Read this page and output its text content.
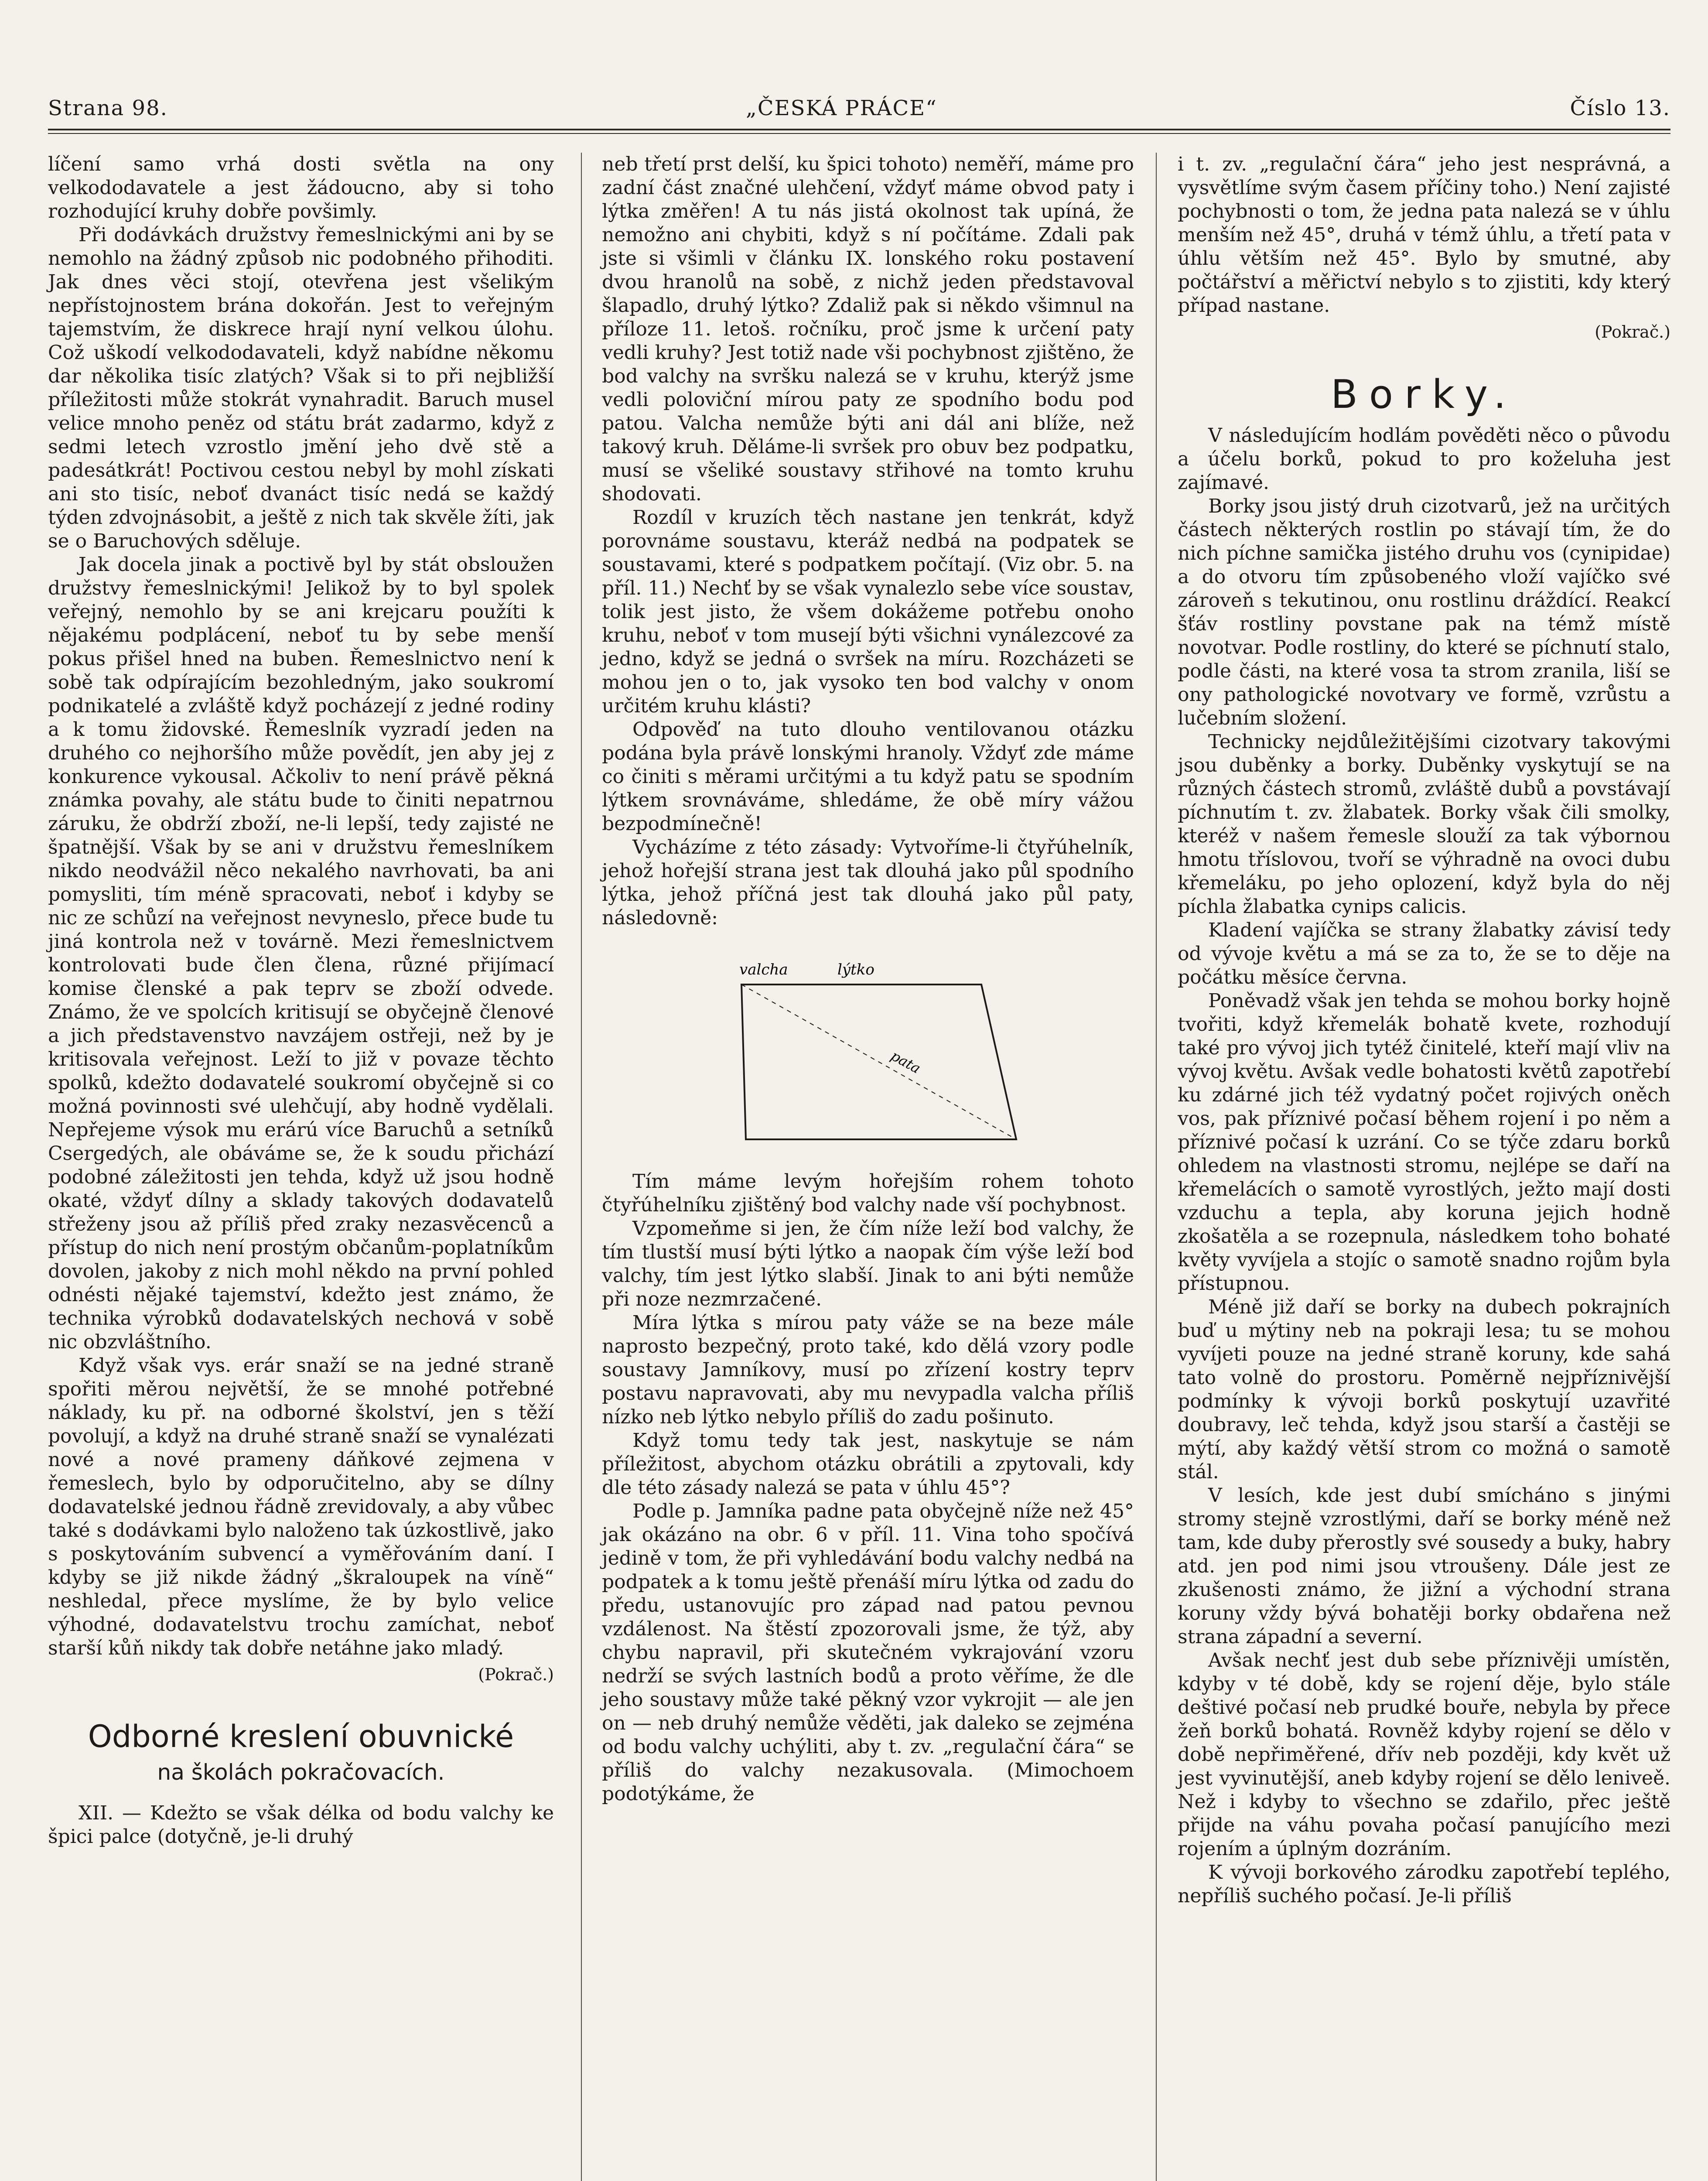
Strana 98.	„ČESKÁ PRÁCE“	Číslo 13.

líčení samo vrhá dosti světla na ony velkododavatele a jest žádoucno, aby si toho rozhodující kruhy dobře povšimly.

Při dodávkách družstvy řemeslnickými ani by se nemohlo na žádný způsob nic podobného přihoditi. Jak dnes věci stojí, otevřena jest všelikým nepřístojnostem brána dokořán. Jest to veřejným tajemstvím, že diskrece hrají nyní velkou úlohu. Což uškodí velkododavateli, když nabídne někomu dar několika tisíc zlatých? Však si to při nejbližší příležitosti může stokrát vynahradit. Baruch musel velice mnoho peněz od státu brát zadarmo, když z sedmi letech vzrostlo jmění jeho dvě stě a padesátkrát! Poctivou cestou nebyl by mohl získati ani sto tisíc, neboť dvanáct tisíc nedá se každý týden zdvojnásobit, a ještě z nich tak skvěle žíti, jak se o Baruchových sděluje.

Jak docela jinak a poctivě byl by stát obsloužen družstvy řemeslnickými! Jelikož by to byl spolek veřejný, nemohlo by se ani krejcaru použíti k nějakému podplácení, neboť tu by sebe menší pokus přišel hned na buben. Řemeslnictvo není k sobě tak odpírajícím bezohledným, jako soukromí podnikatelé a zvláště když pocházejí z jedné rodiny a k tomu židovské. Řemeslník vyzradí jeden na druhého co nejhoršího může povědít, jen aby jej z konkurence vykousal. Ačkoliv to není právě pěkná známka povahy, ale státu bude to činiti nepatrnou záruku, že obdrží zboží, ne-li lepší, tedy zajisté ne špatnější. Však by se ani v družstvu řemeslníkem nikdo neodvážil něco nekalého navrhovati, ba ani pomysliti, tím méně spracovati, neboť i kdyby se nic ze schůzí na veřejnost nevyneslo, přece bude tu jiná kontrola než v továrně. Mezi řemeslnictvem kontrolovati bude člen člena, různé přijímací komise členské a pak teprv se zboží odvede. Známo, že ve spolcích kritisují se obyčejně členové a jich představenstvo navzájem ostřeji, než by je kritisovala veřejnost. Leží to již v povaze těchto spolků, kdežto dodavatelé soukromí obyčejně si co možná povinnosti své ulehčují, aby hodně vydělali. Nepřejeme výsok mu erárú více Baruchů a setníků Csergedých, ale obáváme se, že k soudu přichází podobné záležitosti jen tehda, když už jsou hodně okaté, vždyť dílny a sklady takových dodavatelů střeženy jsou až příliš před zraky nezasvěcenců a přístup do nich není prostým občanům-poplatníkům dovolen, jakoby z nich mohl někdo na první pohled odnésti nějaké tajemství, kdežto jest známo, že technika výrobků dodavatelských nechová v sobě nic obzvláštního.

Když však vys. erár snaží se na jedné straně spořiti měrou největší, že se mnohé potřebné náklady, ku př. na odborné školství, jen s těží povolují, a když na druhé straně snaží se vynalézati nové a nové prameny dáňkové zejmena v řemeslech, bylo by odporučitelno, aby se dílny dodavatelské jednou řádně zrevidovaly, a aby vůbec také s dodávkami bylo naloženo tak úzkostlivě, jako s poskytováním subvencí a vyměřováním daní. I kdyby se již nikde žádný „škraloupek na víně“ neshledal, přece myslíme, že by bylo velice výhodné, dodavatelstvu trochu zamíchat, neboť starší kůň nikdy tak dobře netáhne jako mladý.

(Pokrač.)
Odborné kreslení obuvnické
na školách pokračovacích.

XII. — Kdežto se však délka od bodu valchy ke špici palce (dotyčně, je-li druhý

neb třetí prst delší, ku špici tohoto) neměří, máme pro zadní část značné ulehčení, vždyť máme obvod paty i lýtka změřen! A tu nás jistá okolnost tak upíná, že nemožno ani chybiti, když s ní počítáme. Zdali pak jste si všimli v článku IX. lonského roku postavení dvou hranolů na sobě, z nichž jeden představoval šlapadlo, druhý lýtko? Zdaliž pak si někdo všimnul na příloze 11. letoš. ročníku, proč jsme k určení paty vedli kruhy? Jest totiž nade vši pochybnost zjištěno, že bod valchy na svršku nalezá se v kruhu, kterýž jsme vedli poloviční mírou paty ze spodního bodu pod patou. Valcha nemůže býti ani dál ani blíže, než takový kruh. Děláme-li svršek pro obuv bez podpatku, musí se všeliké soustavy střihové na tomto kruhu shodovati.

Rozdíl v kruzích těch nastane jen tenkrát, když porovnáme soustavu, kteráž nedbá na podpatek se soustavami, které s podpatkem počítají. (Viz obr. 5. na příl. 11.) Nechť by se však vynalezlo sebe více soustav, tolik jest jisto, že všem dokážeme potřebu onoho kruhu, neboť v tom musejí býti všichni vynálezcové za jedno, když se jedná o svršek na míru. Rozcházeti se mohou jen o to, jak vysoko ten bod valchy v onom určitém kruhu klásti?

Odpověď na tuto dlouho ventilovanou otázku podána byla právě lonskými hranoly. Vždyť zde máme co činiti s měrami určitými a tu když patu se spodním lýtkem srovnáváme, shledáme, že obě míry vážou bezpodmínečně!

Vycházíme z této zásady: Vytvoříme-li čtyřúhelník, jehož hořejší strana jest tak dlouhá jako půl spodního lýtka, jehož příčná jest tak dlouhá jako půl paty, následovně:

valcha	lýtko
pata

Tím máme levým hořejším rohem tohoto čtyřúhelníku zjištěný bod valchy nade vší pochybnost.

Vzpomeňme si jen, že čím níže leží bod valchy, že tím tlustší musí býti lýtko a naopak čím výše leží bod valchy, tím jest lýtko slabší. Jinak to ani býti nemůže při noze nezmrzačené.

Míra lýtka s mírou paty váže se na beze mále naprosto bezpečný, proto také, kdo dělá vzory podle soustavy Jamníkovy, musí po zřízení kostry teprv postavu napravovati, aby mu nevypadla valcha příliš nízko neb lýtko nebylo příliš do zadu pošinuto.

Když tomu tedy tak jest, naskytuje se nám příležitost, abychom otázku obrátili a zpytovali, kdy dle této zásady nalezá se pata v úhlu 45°?

Podle p. Jamníka padne pata obyčejně níže než 45° jak okázáno na obr. 6 v příl. 11. Vina toho spočívá jedině v tom, že při vyhledávání bodu valchy nedbá na podpatek a k tomu ještě přenáší míru lýtka od zadu do předu, ustanovujíc pro západ nad patou pevnou vzdálenost. Na štěstí zpozorovali jsme, že týž, aby chybu napravil, při skutečném vykrajování vzoru nedrží se svých lastních bodů a proto věříme, že dle jeho soustavy může také pěkný vzor vykrojit — ale jen on — neb druhý nemůže věděti, jak daleko se zejména od bodu valchy uchýliti, aby t. zv. „regulační čára“ se příliš do valchy nezakusovala. (Mimochoem podotýkáme, že

i t. zv. „regulační čára“ jeho jest nesprávná, a vysvětlíme svým časem příčiny toho.) Není zajisté pochybnosti o tom, že jedna pata nalezá se v úhlu menším než 45°, druhá v témž úhlu, a třetí pata v úhlu větším než 45°. Bylo by smutné, aby počtářství a měřictví nebylo s to zjistiti, kdy který případ nastane.

(Pokrač.)
Borky.

V následujícím hodlám pověděti něco o původu a účelu borků, pokud to pro koželuha jest zajímavé.

Borky jsou jistý druh cizotvarů, jež na určitých částech některých rostlin po stávají tím, že do nich píchne samička jistého druhu vos (cynipidae) a do otvoru tím způsobeného vloží vajíčko své zároveň s tekutinou, onu rostlinu dráždící. Reakcí šťáv rostliny povstane pak na témž místě novotvar. Podle rostliny, do které se píchnutí stalo, podle části, na které vosa ta strom zranila, liší se ony pathologické novotvary ve formě, vzrůstu a lučebním složení.

Technicky nejdůležitějšími cizotvary takovými jsou duběnky a borky. Duběnky vyskytují se na různých částech stromů, zvláště dubů a povstávají píchnutím t. zv. žlabatek. Borky však čili smolky, kteréž v našem řemesle slouží za tak výbornou hmotu tříslovou, tvoří se výhradně na ovoci dubu křemeláku, po jeho oplození, když byla do něj píchla žlabatka cynips calicis.

Kladení vajíčka se strany žlabatky závisí tedy od vývoje květu a má se za to, že se to děje na počátku měsíce června.

Poněvadž však jen tehda se mohou borky hojně tvořiti, když křemelák bohatě kvete, rozhodují také pro vývoj jich tytéž činitelé, kteří mají vliv na vývoj květu. Avšak vedle bohatosti květů zapotřebí ku zdárné jich též vydatný počet rojivých oněch vos, pak příznivé počasí během rojení i po něm a příznivé počasí k uzrání. Co se týče zdaru borků ohledem na vlastnosti stromu, nejlépe se daří na křemelácích o samotě vyrostlých, ježto mají dosti vzduchu a tepla, aby koruna jejich hodně zkošatěla a se rozepnula, následkem toho bohaté květy vyvíjela a stojíc o samotě snadno rojům byla přístupnou.

Méně již daří se borky na dubech pokrajních buď u mýtiny neb na pokraji lesa; tu se mohou vyvíjeti pouze na jedné straně koruny, kde sahá tato volně do prostoru. Poměrně nejpříznivější podmínky k vývoji borků poskytují uzavřité doubravy, leč tehda, když jsou starší a častěji se mýtí, aby každý větší strom co možná o samotě stál.

V lesích, kde jest dubí smícháno s jinými stromy stejně vzrostlými, daří se borky méně než tam, kde duby přerostly své sousedy a buky, habry atd. jen pod nimi jsou vtroušeny. Dále jest ze zkušenosti známo, že jižní a východní strana koruny vždy bývá bohatěji borky obdařena než strana západní a severní.

Avšak nechť jest dub sebe příznivěji umístěn, kdyby v té době, kdy se rojení děje, bylo stále deštivé počasí neb prudké bouře, nebyla by přece žeň borků bohatá. Rovněž kdyby rojení se dělo v době nepřiměřené, dřív neb později, kdy květ už jest vyvinutější, aneb kdyby rojení se dělo leniveě. Než i kdyby to všechno se zdařilo, přec ještě přijde na váhu povaha počasí panujícího mezi rojením a úplným dozráním.

K vývoji borkového zárodku zapotřebí teplého, nepříliš suchého počasí. Je-li příliš
